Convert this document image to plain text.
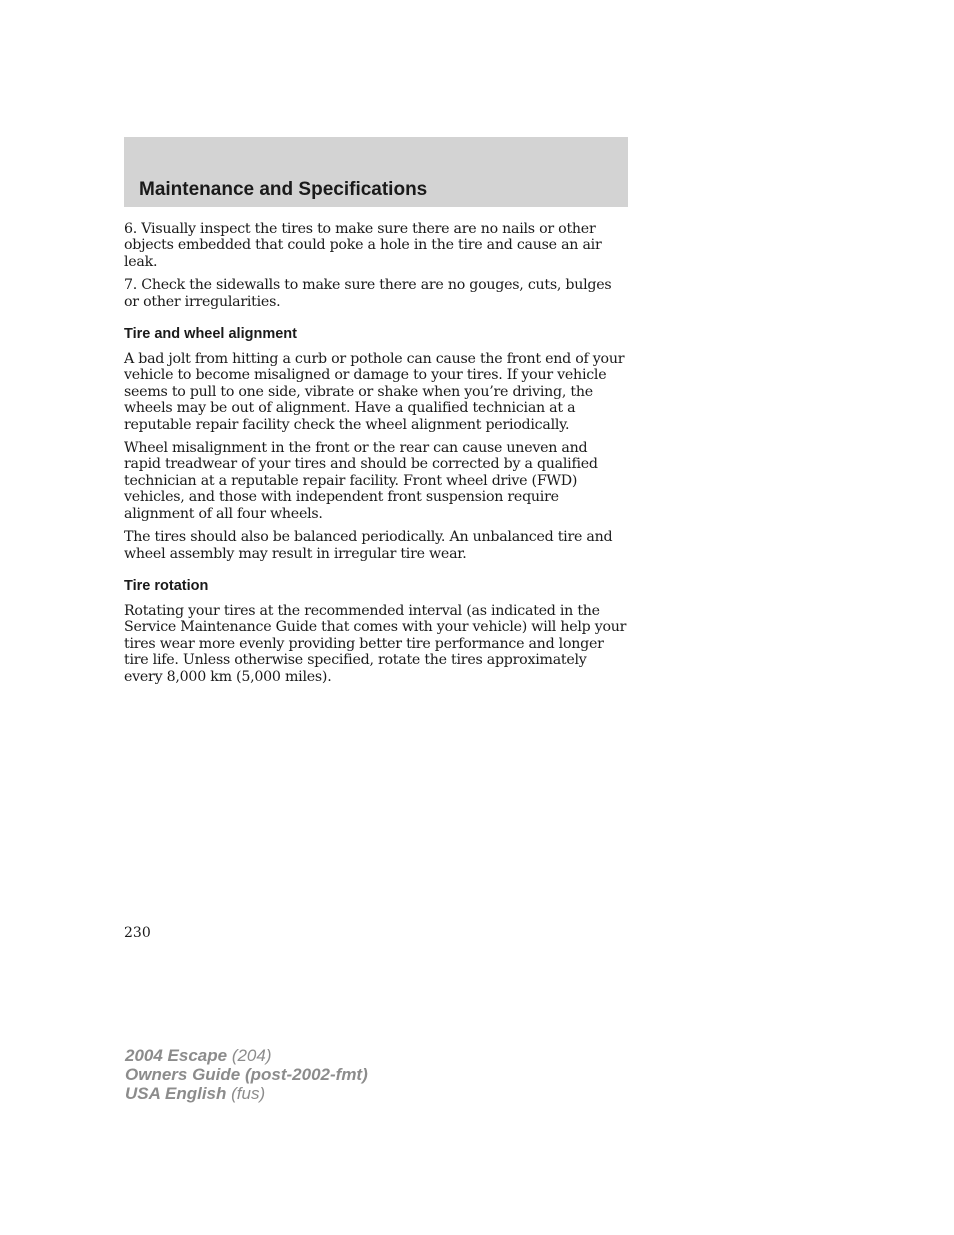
Maintenance and Specifications

6. Visually inspect the tires to make sure there are no nails or other objects embedded that could poke a hole in the tire and cause an air leak.

7. Check the sidewalls to make sure there are no gouges, cuts, bulges or other irregularities.

Tire and wheel alignment

A bad jolt from hitting a curb or pothole can cause the front end of your vehicle to become misaligned or damage to your tires. If your vehicle seems to pull to one side, vibrate or shake when you’re driving, the wheels may be out of alignment. Have a qualified technician at a reputable repair facility check the wheel alignment periodically.

Wheel misalignment in the front or the rear can cause uneven and rapid treadwear of your tires and should be corrected by a qualified technician at a reputable repair facility. Front wheel drive (FWD) vehicles, and those with independent front suspension require alignment of all four wheels.

The tires should also be balanced periodically. An unbalanced tire and wheel assembly may result in irregular tire wear.

Tire rotation

Rotating your tires at the recommended interval (as indicated in the Service Maintenance Guide that comes with your vehicle) will help your tires wear more evenly providing better tire performance and longer tire life. Unless otherwise specified, rotate the tires approximately every 8,000 km (5,000 miles).

230
2004 Escape (204)
Owners Guide (post-2002-fmt)
USA English (fus)
